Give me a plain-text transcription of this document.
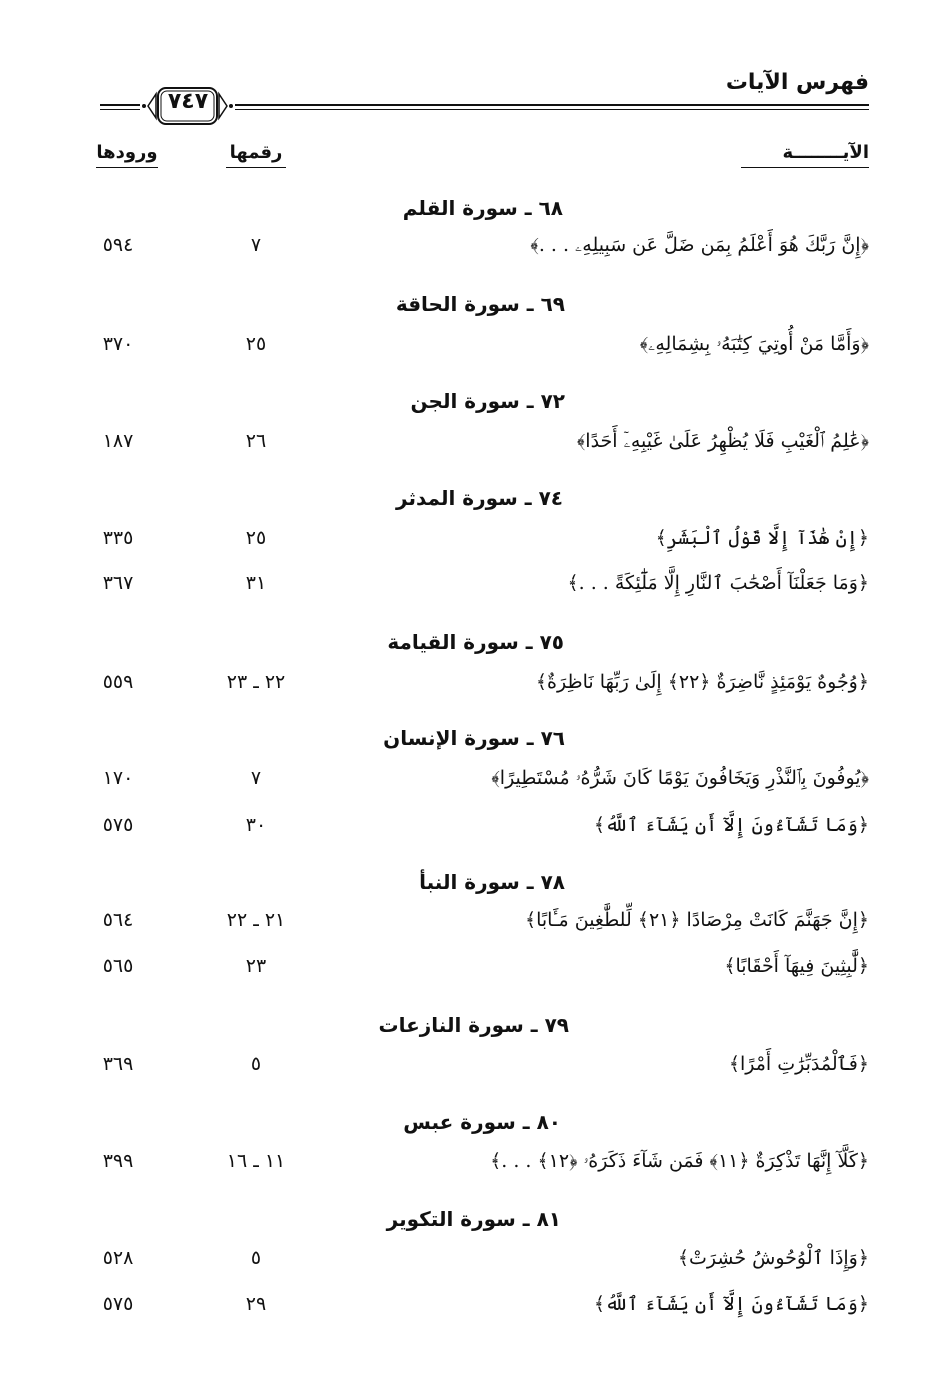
فهرس الآيات
٧٤٧
الآيــــــــة
رقمها
ورودها
٦٨ ـ سورة القلم
٦٩ ـ سورة الحاقة
٧٢ ـ سورة الجن
٧٤ ـ سورة المدثر
٧٥ ـ سورة القيامة
٧٦ ـ سورة الإنسان
٧٨ ـ سورة النبأ
٧٩ ـ سورة النازعات
٨٠ ـ سورة عبس
٨١ ـ سورة التكوير
﴿إِنَّ رَبَّكَ هُوَ أَعْلَمُ بِمَن ضَلَّ عَن سَبِيلِهِۦ . . .﴾
٧
٥٩٤
﴿وَأَمَّا مَنْ أُوتِيَ كِتَٰبَهُۥ بِشِمَالِهِۦ﴾
٢٥
٣٧٠
﴿عَٰلِمُ ٱلْغَيْبِ فَلَا يُظْهِرُ عَلَىٰ غَيْبِهِۦٓ أَحَدًا﴾
٢٦
١٨٧
﴿إِنْ هَٰذَآ إِلَّا قَوْلُ ٱلْبَشَرِ﴾
٢٥
٣٣٥
﴿وَمَا جَعَلْنَآ أَصْحَٰبَ ٱلنَّارِ إِلَّا مَلَٰٓئِكَةً . . .﴾
٣١
٣٦٧
﴿وُجُوهٌ يَوْمَئِذٍ نَّاضِرَةٌ ﴿٢٢﴾ إِلَىٰ رَبِّهَا نَاظِرَةٌ﴾
٢٢ ـ ٢٣
٥٥٩
﴿يُوفُونَ بِٱلنَّذْرِ وَيَخَافُونَ يَوْمًا كَانَ شَرُّهُۥ مُسْتَطِيرًا﴾
٧
١٧٠
﴿وَمَا تَشَآءُونَ إِلَّآ أَن يَشَآءَ ٱللَّهُ﴾
٣٠
٥٧٥
﴿إِنَّ جَهَنَّمَ كَانَتْ مِرْصَادًا ﴿٢١﴾ لِّلطَّٰغِينَ مَـَٔابًا﴾
٢١ ـ ٢٢
٥٦٤
﴿لَّٰبِثِينَ فِيهَآ أَحْقَابًا﴾
٢٣
٥٦٥
﴿فَٱلْمُدَبِّرَٰتِ أَمْرًا﴾
٥
٣٦٩
﴿كَلَّآ إِنَّهَا تَذْكِرَةٌ ﴿١١﴾ فَمَن شَآءَ ذَكَرَهُۥ ﴿١٢﴾ . . .﴾
١١ ـ ١٦
٣٩٩
﴿وَإِذَا ٱلْوُحُوشُ حُشِرَتْ﴾
٥
٥٢٨
﴿وَمَا تَشَآءُونَ إِلَّآ أَن يَشَآءَ ٱللَّهُ﴾
٢٩
٥٧٥
